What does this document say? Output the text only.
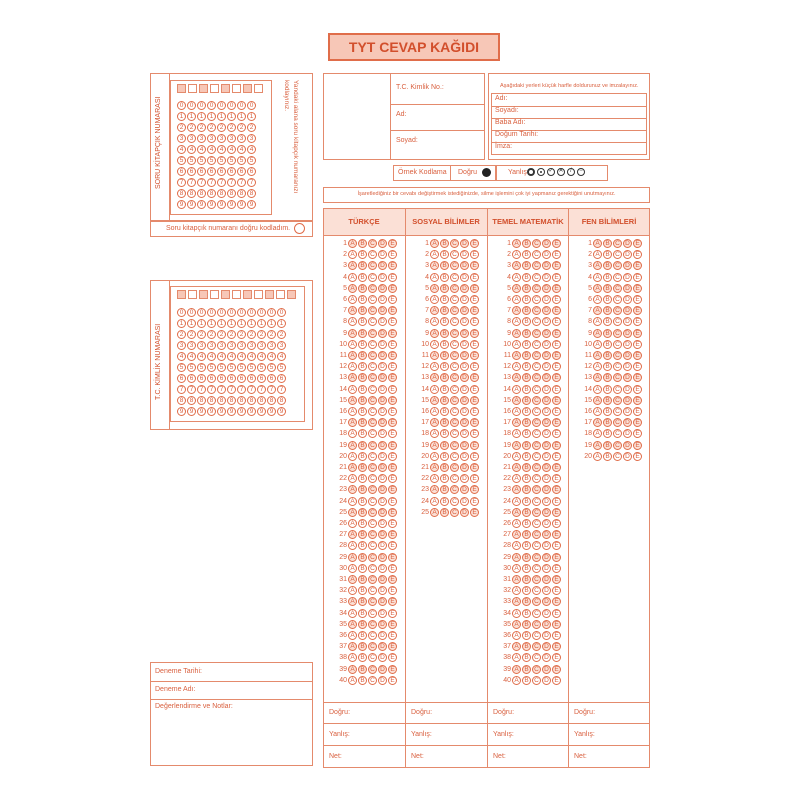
TYT CEVAP KAĞIDI
SORU KİTAPÇIK NUMARASI	0 0 0 0 0 0 0 0
1 1 1 1 1 1 1 1
2 2 2 2 2 2 2 2
3 3 3 3 3 3 3 3
4 4 4 4 4 4 4 4
5 5 5 5 5 5 5 5
6 6 6 6 6 6 6 6
7 7 7 7 7 7 7 7
8 8 8 8 8 8 8 8
9 9 9 9 9 9 9 9
Yandaki alana soru kitapçık numaranızı
kodlayınız.
Soru kitapçık numaranı doğru kodladım.
T.C. KİMLİK NUMARASI
0 0 0 0 0 0 0 0 0 0 0
1 1 1 1 1 1 1 1 1 1 1
2 2 2 2 2 2 2 2 2 2 2
3 3 3 3 3 3 3 3 3 3 3
4 4 4 4 4 4 4 4 4 4 4
5 5 5 5 5 5 5 5 5 5 5
6 6 6 6 6 6 6 6 6 6 6
7 7 7 7 7 7 7 7 7 7 7
8 8 8 8 8 8 8 8 8 8 8
9 9 9 9 9 9 9 9 9 9 9
T.C. Kimlik No.:
Ad:
Soyad:
Aşağıdaki yerleri küçük harfle doldurunuz ve imzalayınız.
Adı:
Soyadı:
Baba Adı:
Doğum Tarihi:
İmza:
Örnek Kodlama Doğru	Yanlış	✓ ✕	/	−
İşaretlediğiniz bir cevabı değiştirmek istediğinizde, silme işlemini çok iyi yapmanız gerektiğini unutmayınız.
TÜRKÇE
1 A B C D E
2 A B C D E
3 A B C D E
4 A B C D E
5 A B C D E
6 A B C D E
7 A B C D E
8 A B C D E
9 A B C D E
10 A B C D E
11 A B C D E
12 A B C D E
13 A B C D E
14 A B C D E
15 A B C D E
16 A B C D E
17 A B C D E
18 A B C D E
19 A B C D E
20 A B C D E
21 A B C D E
22 A B C D E
23 A B C D E
24 A B C D E
25 A B C D E
26 A B C D E
27 A B C D E
28 A B C D E
29 A B C D E
30 A B C D E
31 A B C D E
32 A B C D E
33 A B C D E
34 A B C D E
35 A B C D E
36 A B C D E
37 A B C D E
38 A B C D E
39 A B C D E
40 A B C D E
Doğru:
Yanlış:
Net:
SOSYAL BİLİMLER
1 A B C D E
2 A B C D E
3 A B C D E
4 A B C D E
5 A B C D E
6 A B C D E
7 A B C D E
8 A B C D E
9 A B C D E
10 A B C D E
11 A B C D E
12 A B C D E
13 A B C D E
14 A B C D E
15 A B C D E
16 A B C D E
17 A B C D E
18 A B C D E
19 A B C D E
20 A B C D E
21 A B C D E
22 A B C D E
23 A B C D E
24 A B C D E
25 A B C D E
Doğru:
Yanlış:
Net:
TEMEL MATEMATİK
1 A B C D E
2 A B C D E
3 A B C D E
4 A B C D E
5 A B C D E
6 A B C D E
7 A B C D E
8 A B C D E
9 A B C D E
10 A B C D E
11 A B C D E
12 A B C D E
13 A B C D E
14 A B C D E
15 A B C D E
16 A B C D E
17 A B C D E
18 A B C D E
19 A B C D E
20 A B C D E
21 A B C D E
22 A B C D E
23 A B C D E
24 A B C D E
25 A B C D E
26 A B C D E
27 A B C D E
28 A B C D E
29 A B C D E
30 A B C D E
31 A B C D E
32 A B C D E
33 A B C D E
34 A B C D E
35 A B C D E
36 A B C D E
37 A B C D E
38 A B C D E
39 A B C D E
40 A B C D E
Doğru:
Yanlış:
Net:
FEN BİLİMLERİ
1 A B C D E
2 A B C D E
3 A B C D E
4 A B C D E
5 A B C D E
6 A B C D E
7 A B C D E
8 A B C D E
9 A B C D E
10 A B C D E
11 A B C D E
12 A B C D E
13 A B C D E
14 A B C D E
15 A B C D E
16 A B C D E
17 A B C D E
18 A B C D E
19 A B C D E
20 A B C D E
Doğru:
Yanlış:
Net:
Deneme Tarihi:
Deneme Adı:
Değerlendirme ve Notlar:
